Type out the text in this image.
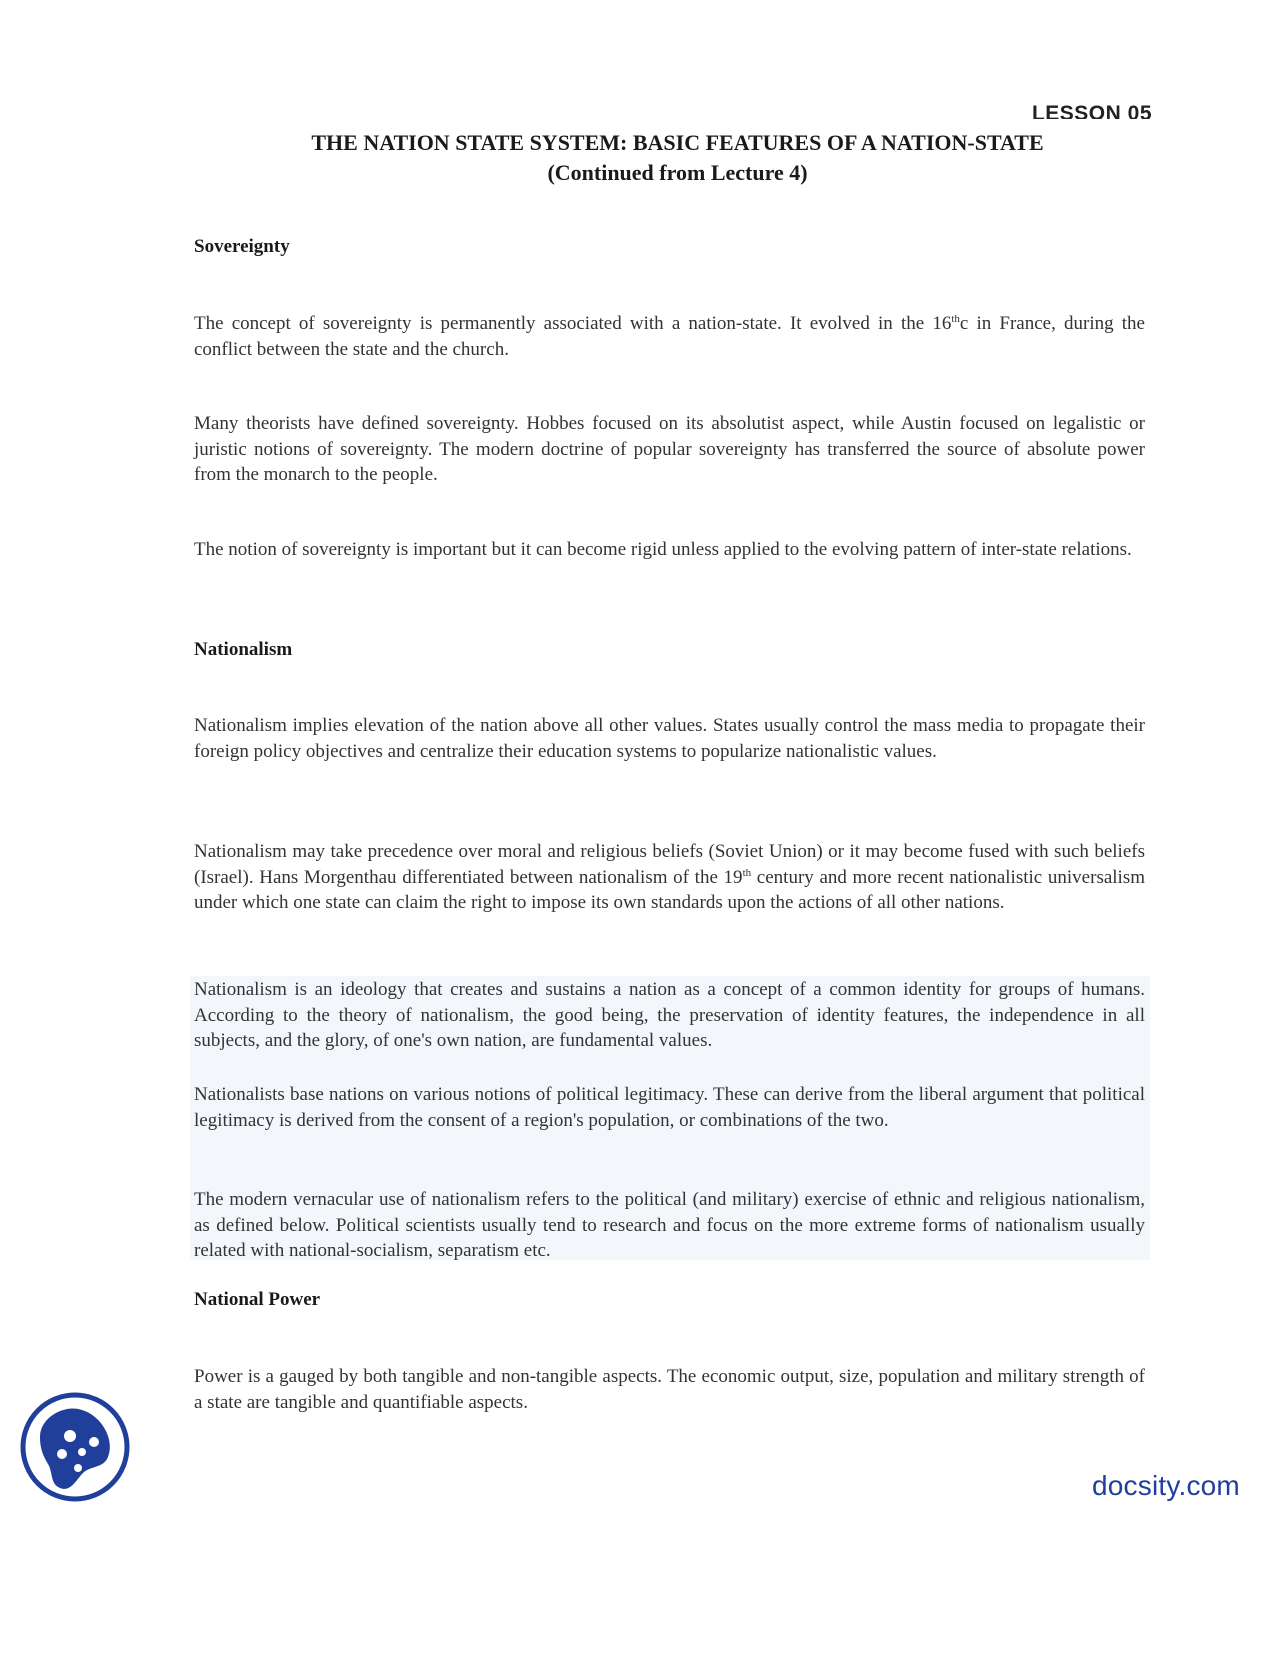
LESSON 05
THE NATION STATE SYSTEM: BASIC FEATURES OF A NATION-STATE
(Continued from Lecture 4)
Sovereignty

The concept of sovereignty is permanently associated with a nation-state. It evolved in the 16thc in France, during the conflict between the state and the church.

Many theorists have defined sovereignty. Hobbes focused on its absolutist aspect, while Austin focused on legalistic or juristic notions of sovereignty. The modern doctrine of popular sovereignty has transferred the source of absolute power from the monarch to the people.

The notion of sovereignty is important but it can become rigid unless applied to the evolving pattern of inter-state relations.

Nationalism

Nationalism implies elevation of the nation above all other values. States usually control the mass media to propagate their foreign policy objectives and centralize their education systems to popularize nationalistic values.

Nationalism may take precedence over moral and religious beliefs (Soviet Union) or it may become fused with such beliefs (Israel). Hans Morgenthau differentiated between nationalism of the 19th century and more recent nationalistic universalism under which one state can claim the right to impose its own standards upon the actions of all other nations.

Nationalism is an ideology that creates and sustains a nation as a concept of a common identity for groups of humans. According to the theory of nationalism, the good being, the preservation of identity features, the independence in all subjects, and the glory, of one's own nation, are fundamental values.

Nationalists base nations on various notions of political legitimacy. These can derive from the liberal argument that political legitimacy is derived from the consent of a region's population, or combinations of the two.

The modern vernacular use of nationalism refers to the political (and military) exercise of ethnic and religious nationalism, as defined below. Political scientists usually tend to research and focus on the more extreme forms of nationalism usually related with national-socialism, separatism etc.

National Power

Power is a gauged by both tangible and non-tangible aspects. The economic output, size, population and military strength of a state are tangible and quantifiable aspects.

docsity.com
